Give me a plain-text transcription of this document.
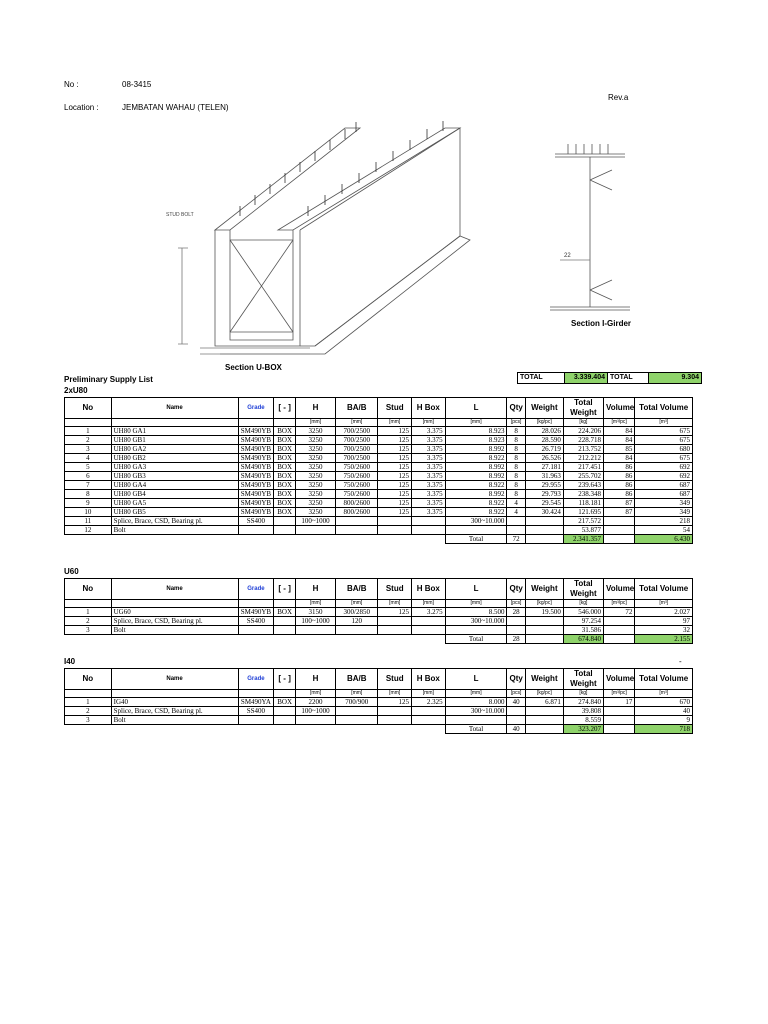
No :	08-3415
Location :	JEMBATAN WAHAU (TELEN)
Rev.a
STUD BOLT
Section U-BOX
22
Section I-Girder
Preliminary Supply List	TOTAL	3.339.404	TOTAL	9.304
2xU80
U60
I40	-
No	Name	Grade	[ - ]	H	BA/B	Stud	H Box	L	Qty	Weight	Total Weight	Volume	Total Volume
				[mm]	[mm]	[mm]	[mm]	[mm]	[pcs]	[kg/pc]	[kg]	[m³/pc]	[m³]
1	UH80 GA1	SM490YB	BOX	3250	700/2500	125	3.375	8.923	8	28.026	224.206	84	675
2	UH80 GB1	SM490YB	BOX	3250	700/2500	125	3.375	8.923	8	28.590	228.718	84	675
3	UH80 GA2	SM490YB	BOX	3250	700/2500	125	3.375	8.992	8	26.719	213.752	85	680
4	UH80 GB2	SM490YB	BOX	3250	700/2500	125	3.375	8.922	8	26.526	212.212	84	675
5	UH80 GA3	SM490YB	BOX	3250	750/2600	125	3.375	8.992	8	27.181	217.451	86	692
6	UH80 GB3	SM490YB	BOX	3250	750/2600	125	3.375	8.992	8	31.963	255.702	86	692
7	UH80 GA4	SM490YB	BOX	3250	750/2600	125	3.375	8.922	8	29.955	239.643	86	687
8	UH80 GB4	SM490YB	BOX	3250	750/2600	125	3.375	8.992	8	29.793	238.348	86	687
9	UH80 GA5	SM490YB	BOX	3250	800/2600	125	3.375	8.922	4	29.545	118.181	87	349
10	UH80 GB5	SM490YB	BOX	3250	800/2600	125	3.375	8.922	4	30.424	121.695	87	349
11	Splice, Brace, CSD, Bearing pl.	SS400		100~1000				300~10.000			217.572		218
12	Bolt										53.877		54
								Total	72		2.341.357		6.430
No	Name	Grade	[ - ]	H	BA/B	Stud	H Box	L	Qty	Weight	Total Weight	Volume	Total Volume
				[mm]	[mm]	[mm]	[mm]	[mm]	[pcs]	[kg/pc]	[kg]	[m³/pc]	[m³]
1	UG60	SM490YB	BOX	3150	300/2850	125	3.275	8.500	28	19.500	546.000	72	2.027
2	Splice, Brace, CSD, Bearing pl.	SS400		100~1000	120			300~10.000			97.254		97
3	Bolt										31.586		32
								Total	28		674.840		2.155
No	Name	Grade	[ - ]	H	BA/B	Stud	H Box	L	Qty	Weight	Total Weight	Volume	Total Volume
				[mm]	[mm]	[mm]	[mm]	[mm]	[pcs]	[kg/pc]	[kg]	[m³/pc]	[m³]
1	IG40	SM490YA	BOX	2200	700/900	125	2.325	8.000	40	6.871	274.840	17	670
2	Splice, Brace, CSD, Bearing pl.	SS400		100~1000				300~10.000			39.808		40
3	Bolt										8.559		9
								Total	40		323.207		718
